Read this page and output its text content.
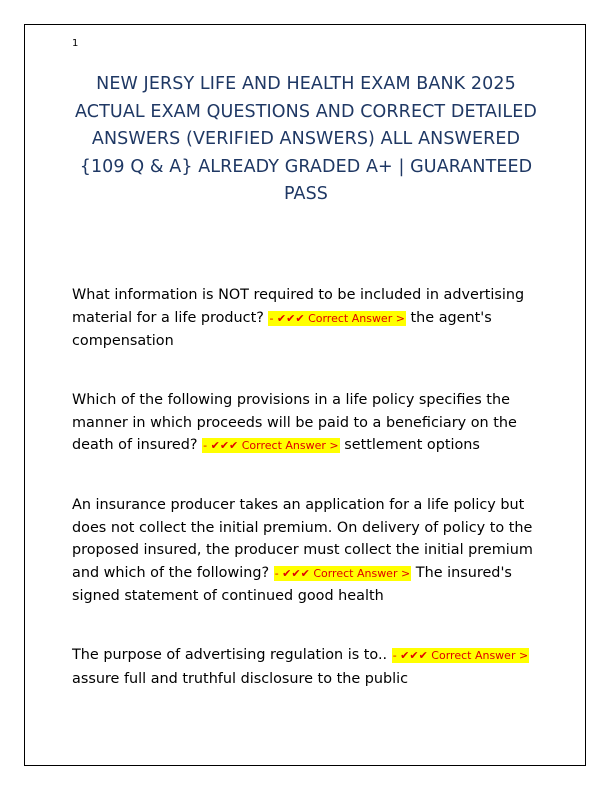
1
NEW JERSY LIFE AND HEALTH EXAM BANK 2025 ACTUAL EXAM QUESTIONS AND CORRECT DETAILED ANSWERS (VERIFIED ANSWERS) ALL ANSWERED {109 Q & A} ALREADY GRADED A+ | GUARANTEED PASS

What information is NOT required to be included in advertising material for a life product? - ✔✔✔ Correct Answer > the agent's compensation

Which of the following provisions in a life policy specifies the manner in which proceeds will be paid to a beneficiary on the death of insured? - ✔✔✔ Correct Answer > settlement options

An insurance producer takes an application for a life policy but does not collect the initial premium. On delivery of policy to the proposed insured, the producer must collect the initial premium and which of the following? - ✔✔✔ Correct Answer > The insured's signed statement of continued good health

The purpose of advertising regulation is to.. - ✔✔✔ Correct Answer > assure full and truthful disclosure to the public
